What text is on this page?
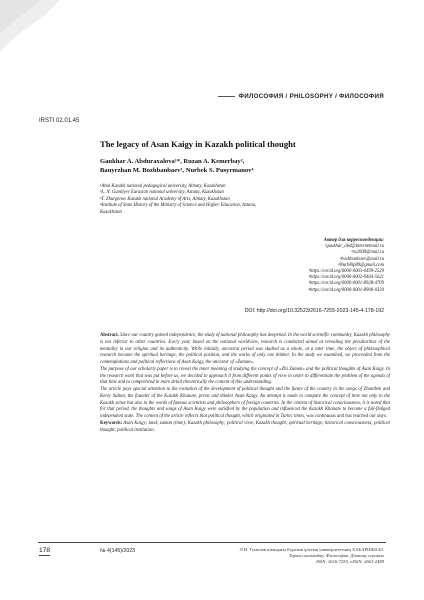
ФИЛОСОФИЯ / PHILOSOPHY / ФИЛОСОФИЯ
IRSTI 02.01.45
The legacy of Asan Kaigy in Kazakh political thought
Gaukhar A. Abduraxalova¹*, Ruzan A. Kemerbay²,
Bauyrzhan M. Bozhbanbaev³, Nurbek S. Pusyrmanov⁴
¹Abai Kazakh national pedagogical university, Almaty, Kazakhstan
²L. N. Gumilyev Eurasian national university, Astana, Kazakhstan
³T. Zhurgenov Kazakh national Academy of Arts, Almaty, Kazakhstan
⁴Institute of State History of the Ministry of Science and Higher Education, Astana,
Kazakhstan
Автор для корреспонденции:
¹gaukhar_abd@internetmail.ru
²ra2008@mail.ru
³bozhbanbaev@mail.ru
⁴Nurb8ip89@gmail.com
¹https://orcid.org/0000-0003-0499-2529
²https://orcid.org/0000-0002-0404-5621
³https://orcid.org/0000-0001-8928-4709
⁴https://orcid.org/0000-0001-8906-0320
DOI: http://doi.org/10.32523/2616-7255-2023-145-4-178-192

Abstract. Since our country gained independence, the study of national philosophy has deepened. In the world scientific community, Kazakh philosophy is not inferior to other countries. Every year, based on the national worldview, research is conducted aimed at revealing the peculiarities of the mentality in our religion and its authenticity. While initially, ancestral period was studied as a whole, at a later time, the object of philosophical research became the spiritual heritage, the political position, and the works of only one thinker. In the study we examined, we proceeded from the contemplations and political reflections of Asan Kaigy, the ancestor of «Zaman».

The purpose of our scholarly paper is to reveal the inner meaning of studying the concept of «Zhi Zaman» and the political thoughts of Asan Kaigy. In the research work that was put before us, we decided to approach it from different points of view in order to differentiate the problem of the agenda of that time and to comprehend in more detail theoretically the content of this understanding.

The article pays special attention to the evolution of the development of political thought and the future of the country in the songs of Zhanibek and Kerey Sultan, the founder of the Kazakh Khanate, priest and thinker Asan Kaigy. An attempt is made to compare the concept of time not only in the Kazakh sense but also in the words of famous scientists and philosophers of foreign countries. In the context of historical consciousness, it is noted that for that period, the thoughts and songs of Asan Kaigy were satisfied by the population and influenced the Kazakh Khanate to become a full-fledged independent state. The content of the article reflects that political thought, which originated in Turkic times, was continuous and has reached our days.

Keywords: Asan Kaigy; land; zaman (time); Kazakh philosophy; political view; Kazakh thought; spiritual heritage; historical consciousness; political thought; political institution.

178	№ 4(145)/2023	Л.Н. Гумилев атындағы Еуразия ұлттық университетінің ХАБАРШЫСЫ.
Тарихи ғылымдар. Философия. Дінтану сериясы
ISSN: 2616-7255, eISSN: 2663-2489
